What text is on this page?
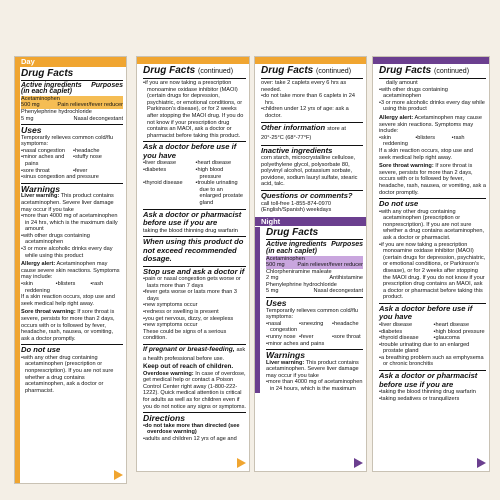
Day
Drug Facts
Active ingredients Purposes
(in each caplet)
Acetaminophen
500 mg	Pain reliever/fever reducer
Phenylephrine hydrochloride
5 mg	Nasal decongestant
Uses
Temporarily relieves common cold/flu symptoms:
• nasal congestion	• headache
• minor aches and pains
• stuffy nose
• sore throat	• fever
• sinus congestion and pressure
Warnings
Liver warning: This product contains acetaminophen. Severe liver damage may occur if you take
• more than 4000 mg of acetaminophen in 24 hrs, which is the maximum daily amount
• with other drugs containing acetaminophen
• 3 or more alcoholic drinks every day while using this product
Allergy alert: Acetaminophen may cause severe skin reactions. Symptoms may include:
• skin reddening
• blisters	• rash
If a skin reaction occurs, stop use and seek medical help right away.
Sore throat warning: If sore throat is severe, persists for more than 2 days, occurs with or is followed by fever, headache, rash, nausea, or vomiting, ask a doctor promptly.
Do not use
• with any other drug containing acetaminophen (prescription or nonprescription). If you are not sure whether a drug contains acetaminophen, ask a doctor or pharmacist.
Drug Facts (continued)
• if you are now taking a prescription monoamine oxidase inhibitor (MAOI) (certain drugs for depression, psychiatric, or emotional conditions, or Parkinson's disease), or for 2 weeks after stopping the MAOI drug. If you do not know if your prescription drug contains an MAOI, ask a doctor or pharmacist before taking this product.
Ask a doctor before use if you have
• liver disease	• heart disease
• diabetes	• high blood pressure
• thyroid disease	• trouble urinating due to an enlarged prostate gland
Ask a doctor or pharmacist before use if you are
taking the blood thinning drug warfarin
When using this product do not exceed recommended dosage.
Stop use and ask a doctor if
• pain or nasal congestion gets worse or lasts more than 7 days
• fever gets worse or lasts more than 3 days
• new symptoms occur
• redness or swelling is present
• you get nervous, dizzy, or sleepless
• new symptoms occur
These could be signs of a serious condition.
If pregnant or breast-feeding, ask a health professional before use.
Keep out of reach of children.
Overdose warning: In case of overdose, get medical help or contact a Poison Control Center right away (1-800-222-1222). Quick medical attention is critical for adults as well as for children even if you do not notice any signs or symptoms.
Directions
• do not take more than directed (see overdose warning)
• adults and children 12 yrs of age and
Drug Facts (continued)
over: take 2 caplets every 6 hrs as needed.
• do not take more than 6 caplets in 24 hrs.
• children under 12 yrs of age: ask a doctor.
Other information store at 20°-25°C (68°-77°F)
Inactive ingredients
corn starch, microcrystalline cellulose, polyethylene glycol, polysorbate 80, polyvinyl alcohol, potassium sorbate, povidone, sodium lauryl sulfate, stearic acid, talc.
Questions or comments?
call toll-free 1-855-874-0970 (English/Spanish) weekdays
Night
Drug Facts
Active ingredients Purposes
(in each caplet)
Acetaminophen
500 mg Pain reliever/fever reducer
Chlorpheniramine maleate
2 mg	Antihistamine
Phenylephrine hydrochloride
5 mg	Nasal decongestant
Uses
Temporarily relieves common cold/flu symptoms:
• nasal congestion
• sneezing	• headache
• runny nose • fever	• sore throat
• minor aches and pains
Warnings
Liver warning: This product contains acetaminophen. Severe liver damage may occur if you take
• more than 4000 mg of acetaminophen in 24 hours, which is the maximum
Drug Facts (continued)
daily amount
• with other drugs containing acetaminophen
• 3 or more alcoholic drinks every day while using this product
Allergy alert: Acetaminophen may cause severe skin reactions. Symptoms may include:
• skin reddening
• blisters	• rash
If a skin reaction occurs, stop use and seek medical help right away.
Sore throat warning: If sore throat is severe, persists for more than 2 days, occurs with or is followed by fever, headache, rash, nausea, or vomiting, ask a doctor promptly.
Do not use
• with any other drug containing acetaminophen (prescription or nonprescription). If you are not sure whether a drug contains acetaminophen, ask a doctor or pharmacist.
• if you are now taking a prescription monoamine oxidase inhibitor (MAOI) (certain drugs for depression, psychiatric, or emotional conditions, or Parkinson's disease), or for 2 weeks after stopping the MAOI drug. If you do not know if your prescription drug contains an MAOI, ask a doctor or pharmacist before taking this product.
Ask a doctor before use if you have
• liver disease	• heart disease
• diabetes	• high blood pressure
• thyroid disease	• glaucoma
• trouble urinating due to an enlarged prostate gland
• a breathing problem such as emphysema or chronic bronchitis
Ask a doctor or pharmacist before use if you are
• taking the blood thinning drug warfarin
• taking sedatives or tranquilizers
